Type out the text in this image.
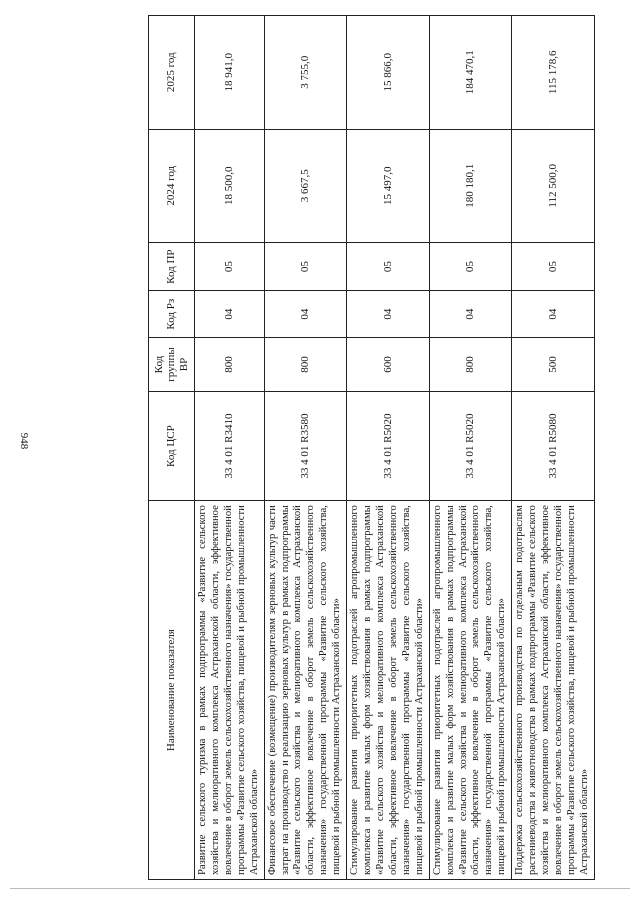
948
Наименование показателя	Код ЦСР	Код группы ВР	Код Рз	Код ПР	2024 год	2025 год
Развитие сельского туризма в рамках подпрограммы «Развитие сельского хозяйства и мелиоративного комплекса Астраханской области, эффективное вовлечение в оборот земель сельскохозяйственного назначения» государственной программы «Развитие сельского хозяйства, пищевой и рыбной промышленности Астраханской области»	33 4 01 R3410	800	04	05	18 500,0	18 941,0
Финансовое обеспечение (возмещение) производителям зерновых культур части затрат на производство и реализацию зерновых культур в рамках подпрограммы «Развитие сельского хозяйства и мелиоративного комплекса Астраханской области, эффективное вовлечение в оборот земель сельскохозяйственного назначения» государственной программы «Развитие сельского хозяйства, пищевой и рыбной промышленности Астраханской области»	33 4 01 R3580	800	04	05	3 667,5	3 755,0
Стимулирование развития приоритетных подотраслей агропромышленного комплекса и развитие малых форм хозяйствования в рамках подпрограммы «Развитие сельского хозяйства и мелиоративного комплекса Астраханской области, эффективное вовлечение в оборот земель сельскохозяйственного назначения» государственной программы «Развитие сельского хозяйства, пищевой и рыбной промышленности Астраханской области»	33 4 01 R5020	600	04	05	15 497,0	15 866,0
Стимулирование развития приоритетных подотраслей агропромышленного комплекса и развитие малых форм хозяйствования в рамках подпрограммы «Развитие сельского хозяйства и мелиоративного комплекса Астраханской области, эффективное вовлечение в оборот земель сельскохозяйственного назначения» государственной программы «Развитие сельского хозяйства, пищевой и рыбной промышленности Астраханской области»	33 4 01 R5020	800	04	05	180 180,1	184 470,1
Поддержка сельскохозяйственного производства по отдельным подотраслям растениеводства и животноводства в рамках подпрограммы «Развитие сельского хозяйства и мелиоративного комплекса Астраханской области, эффективное вовлечение в оборот земель сельскохозяйственного назначения» государственной программы «Развитие сельского хозяйства, пищевой и рыбной промышленности Астраханской области»	33 4 01 R5080	500	04	05	112 500,0	115 178,6
